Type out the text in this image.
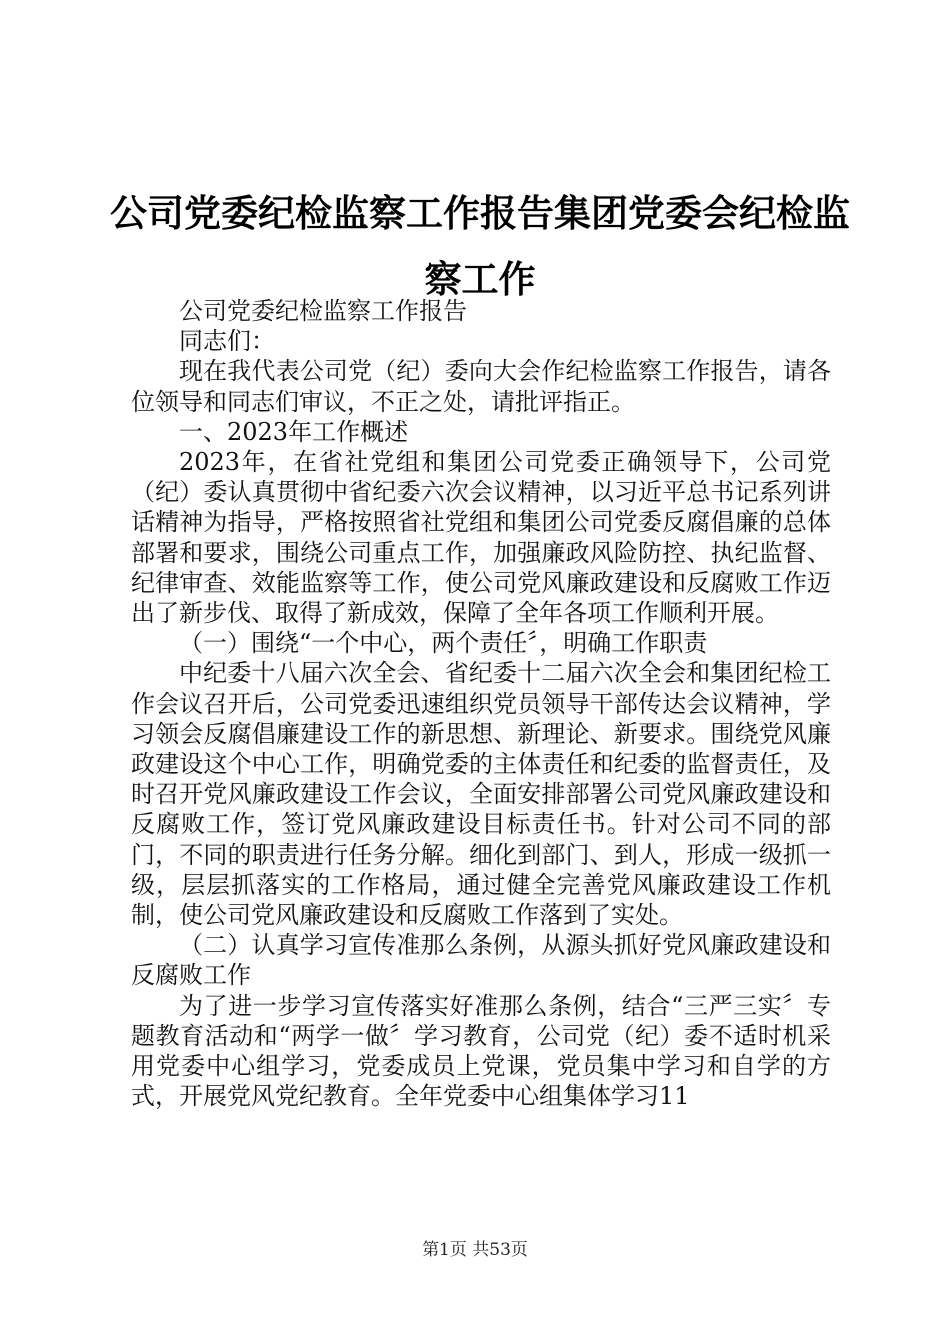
公司党委纪检监察工作报告集团党委会纪检监察工作

公司党委纪检监察工作报告

同志们：

现在我代表公司党（纪）委向大会作纪检监察工作报告，请各位领导和同志们审议，不正之处，请批评指正。

一、2023年工作概述

2023年，在省社党组和集团公司党委正确领导下，公司党（纪）委认真贯彻中省纪委六次会议精神，以习近平总书记系列讲话精神为指导，严格按照省社党组和集团公司党委反腐倡廉的总体部署和要求，围绕公司重点工作，加强廉政风险防控、执纪监督、纪律审查、效能监察等工作，使公司党风廉政建设和反腐败工作迈出了新步伐、取得了新成效，保障了全年各项工作顺利开展。

（一）围绕“一个中心，两个责任〞，明确工作职责

中纪委十八届六次全会、省纪委十二届六次全会和集团纪检工作会议召开后，公司党委迅速组织党员领导干部传达会议精神，学习领会反腐倡廉建设工作的新思想、新理论、新要求。围绕党风廉政建设这个中心工作，明确党委的主体责任和纪委的监督责任，及时召开党风廉政建设工作会议，全面安排部署公司党风廉政建设和反腐败工作，签订党风廉政建设目标责任书。针对公司不同的部门，不同的职责进行任务分解。细化到部门、到人，形成一级抓一级，层层抓落实的工作格局，通过健全完善党风廉政建设工作机制，使公司党风廉政建设和反腐败工作落到了实处。

（二）认真学习宣传准那么条例，从源头抓好党风廉政建设和反腐败工作

为了进一步学习宣传落实好准那么条例，结合“三严三实〞专题教育活动和“两学一做〞学习教育，公司党（纪）委不适时机采用党委中心组学习，党委成员上党课，党员集中学习和自学的方式，开展党风党纪教育。全年党委中心组集体学习11

第1页 共53页
